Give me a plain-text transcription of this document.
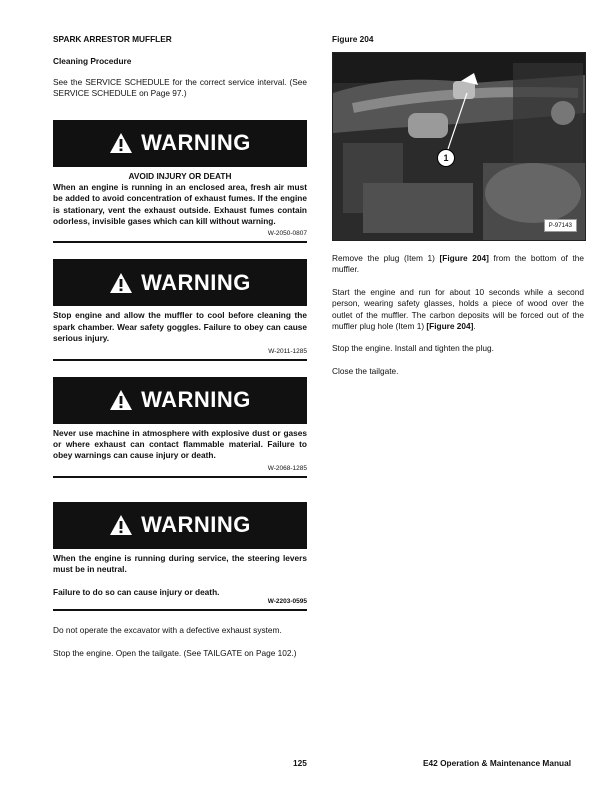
SPARK ARRESTOR MUFFLER

Cleaning Procedure

See the SERVICE SCHEDULE for the correct service interval. (See SERVICE SCHEDULE on Page 97.)

WARNING

AVOID INJURY OR DEATH

When an engine is running in an enclosed area, fresh air must be added to avoid concentration of exhaust fumes. If the engine is stationary, vent the exhaust outside. Exhaust fumes contain odorless, invisible gases which can kill without warning.

W-2050-0807

WARNING

Stop engine and allow the muffler to cool before cleaning the spark chamber. Wear safety goggles. Failure to obey can cause serious injury.

W-2011-1285

WARNING

Never use machine in atmosphere with explosive dust or gases or where exhaust can contact flammable material. Failure to obey warnings can cause injury or death.

W-2068-1285

WARNING

When the engine is running during service, the steering levers must be in neutral.

Failure to do so can cause injury or death.

W-2203-0595

Do not operate the excavator with a defective exhaust system.

Stop the engine. Open the tailgate. (See TAILGATE on Page 102.)

Figure 204

1
P-97143

Remove the plug (Item 1) [Figure 204] from the bottom of the muffler.

Start the engine and run for about 10 seconds while a second person, wearing safety glasses, holds a piece of wood over the outlet of the muffler. The carbon deposits will be forced out of the muffler plug hole (Item 1) [Figure 204].

Stop the engine. Install and tighten the plug.

Close the tailgate.

125	E42 Operation & Maintenance Manual
